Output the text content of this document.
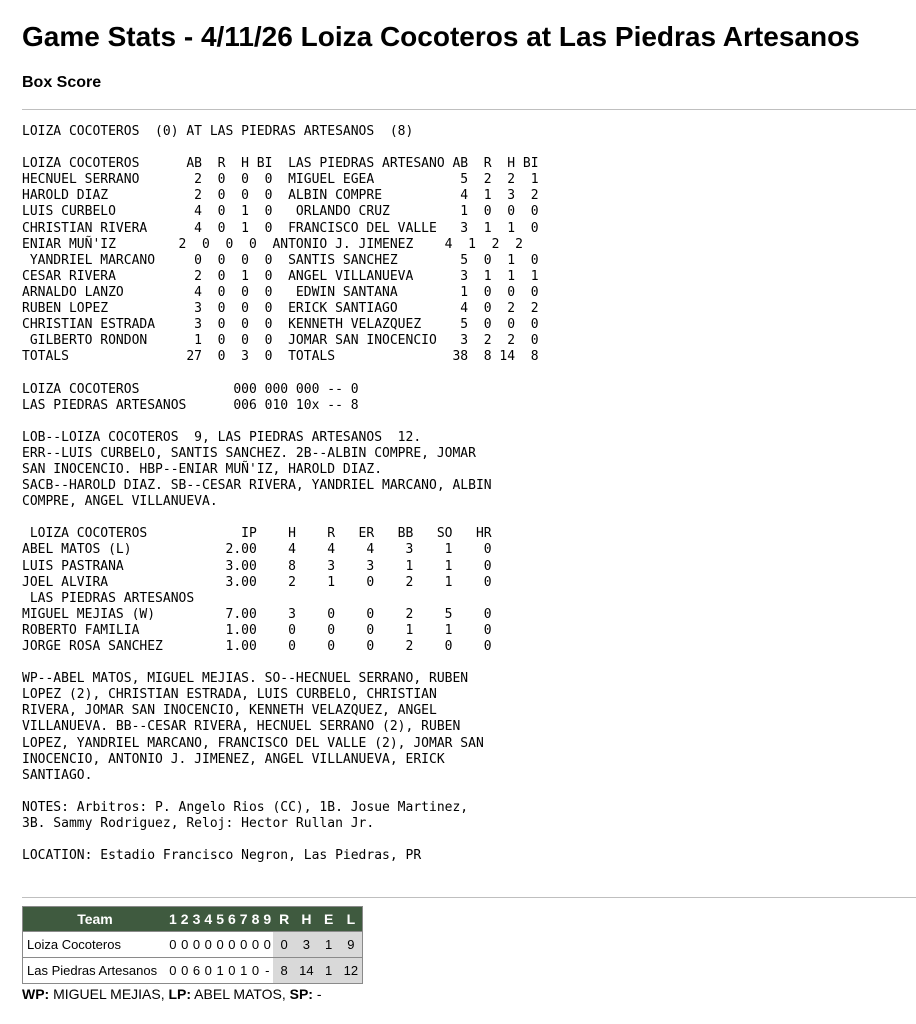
Game Stats - 4/11/26 Loiza Cocoteros at Las Piedras Artesanos
Box Score
LOIZA COCOTEROS  (0) AT LAS PIEDRAS ARTESANOS  (8)

LOIZA COCOTEROS      AB  R  H BI  LAS PIEDRAS ARTESANO AB  R  H BI
HECNUEL SERRANO       2  0  0  0  MIGUEL EGEA           5  2  2  1
HAROLD DIAZ           2  0  0  0  ALBIN COMPRE          4  1  3  2
LUIS CURBELO          4  0  1  0   ORLANDO CRUZ         1  0  0  0
CHRISTIAN RIVERA      4  0  1  0  FRANCISCO DEL VALLE   3  1  1  0
ENIAR MUÑ'IZ        2  0  0  0  ANTONIO J. JIMENEZ    4  1  2  2
YANDRIEL MARCANO     0  0  0  0  SANTIS SANCHEZ        5  0  1  0
CESAR RIVERA          2  0  1  0  ANGEL VILLANUEVA      3  1  1  1
ARNALDO LANZO         4  0  0  0   EDWIN SANTANA        1  0  0  0
RUBEN LOPEZ           3  0  0  0  ERICK SANTIAGO        4  0  2  2
CHRISTIAN ESTRADA     3  0  0  0  KENNETH VELAZQUEZ     5  0  0  0
GILBERTO RONDON      1  0  0  0  JOMAR SAN INOCENCIO   3  2  2  0
TOTALS               27  0  3  0  TOTALS               38  8 14  8

LOIZA COCOTEROS            000 000 000 -- 0
LAS PIEDRAS ARTESANOS      006 010 10x -- 8

LOB--LOIZA COCOTEROS  9, LAS PIEDRAS ARTESANOS  12.
ERR--LUIS CURBELO, SANTIS SANCHEZ. 2B--ALBIN COMPRE, JOMAR
SAN INOCENCIO. HBP--ENIAR MUÑ'IZ, HAROLD DIAZ.
SACB--HAROLD DIAZ. SB--CESAR RIVERA, YANDRIEL MARCANO, ALBIN
COMPRE, ANGEL VILLANUEVA.

LOIZA COCOTEROS            IP    H    R   ER   BB   SO   HR
ABEL MATOS (L)            2.00    4    4    4    3    1    0
LUIS PASTRANA             3.00    8    3    3    1    1    0
JOEL ALVIRA               3.00    2    1    0    2    1    0
LAS PIEDRAS ARTESANOS
MIGUEL MEJIAS (W)         7.00    3    0    0    2    5    0
ROBERTO FAMILIA           1.00    0    0    0    1    1    0
JORGE ROSA SANCHEZ        1.00    0    0    0    2    0    0

WP--ABEL MATOS, MIGUEL MEJIAS. SO--HECNUEL SERRANO, RUBEN
LOPEZ (2), CHRISTIAN ESTRADA, LUIS CURBELO, CHRISTIAN
RIVERA, JOMAR SAN INOCENCIO, KENNETH VELAZQUEZ, ANGEL
VILLANUEVA. BB--CESAR RIVERA, HECNUEL SERRANO (2), RUBEN
LOPEZ, YANDRIEL MARCANO, FRANCISCO DEL VALLE (2), JOMAR SAN
INOCENCIO, ANTONIO J. JIMENEZ, ANGEL VILLANUEVA, ERICK
SANTIAGO.

NOTES: Arbitros: P. Angelo Rios (CC), 1B. Josue Martinez,
3B. Sammy Rodriguez, Reloj: Hector Rullan Jr.

LOCATION: Estadio Francisco Negron, Las Piedras, PR
Team	1	2	3	4	5	6	7	8	9	R	H	E	L
Loiza Cocoteros	0	0	0	0	0	0	0	0	0	0	3	1	9
Las Piedras Artesanos	0	0	6	0	1	0	1	0	-	8	14	1	12

WP: MIGUEL MEJIAS, LP: ABEL MATOS, SP: -
